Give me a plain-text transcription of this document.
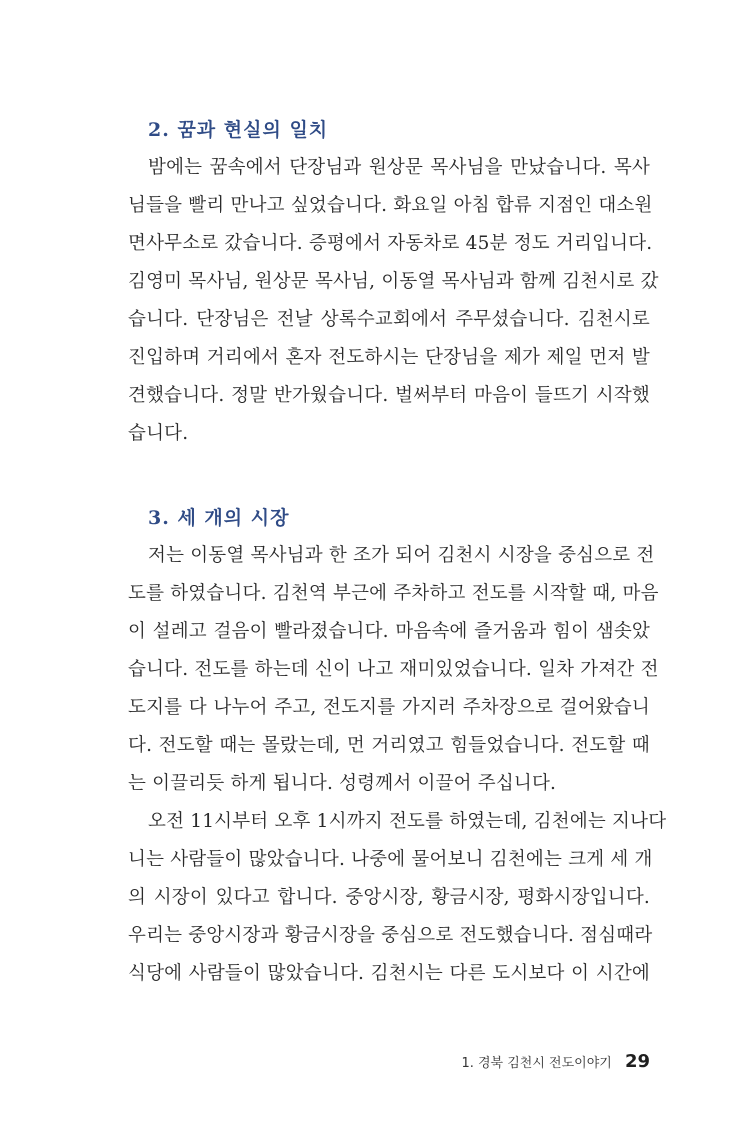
2. 꿈과 현실의 일치

밤에는 꿈속에서 단장님과 원상문 목사님을 만났습니다. 목사
님들을 빨리 만나고 싶었습니다. 화요일 아침 합류 지점인 대소원
면사무소로 갔습니다. 증평에서 자동차로 45분 정도 거리입니다.
김영미 목사님, 원상문 목사님, 이동열 목사님과 함께 김천시로 갔
습니다. 단장님은 전날 상록수교회에서 주무셨습니다. 김천시로
진입하며 거리에서 혼자 전도하시는 단장님을 제가 제일 먼저 발
견했습니다. 정말 반가웠습니다. 벌써부터 마음이 들뜨기 시작했
습니다.

3. 세 개의 시장

저는 이동열 목사님과 한 조가 되어 김천시 시장을 중심으로 전
도를 하였습니다. 김천역 부근에 주차하고 전도를 시작할 때, 마음
이 설레고 걸음이 빨라졌습니다. 마음속에 즐거움과 힘이 샘솟았
습니다. 전도를 하는데 신이 나고 재미있었습니다. 일차 가져간 전
도지를 다 나누어 주고, 전도지를 가지러 주차장으로 걸어왔습니
다. 전도할 때는 몰랐는데, 먼 거리였고 힘들었습니다. 전도할 때
는 이끌리듯 하게 됩니다. 성령께서 이끌어 주십니다.

오전 11시부터 오후 1시까지 전도를 하였는데, 김천에는 지나다
니는 사람들이 많았습니다. 나중에 물어보니 김천에는 크게 세 개
의 시장이 있다고 합니다. 중앙시장, 황금시장, 평화시장입니다.
우리는 중앙시장과 황금시장을 중심으로 전도했습니다. 점심때라
식당에 사람들이 많았습니다. 김천시는 다른 도시보다 이 시간에

1. 경북 김천시 전도이야기 29
